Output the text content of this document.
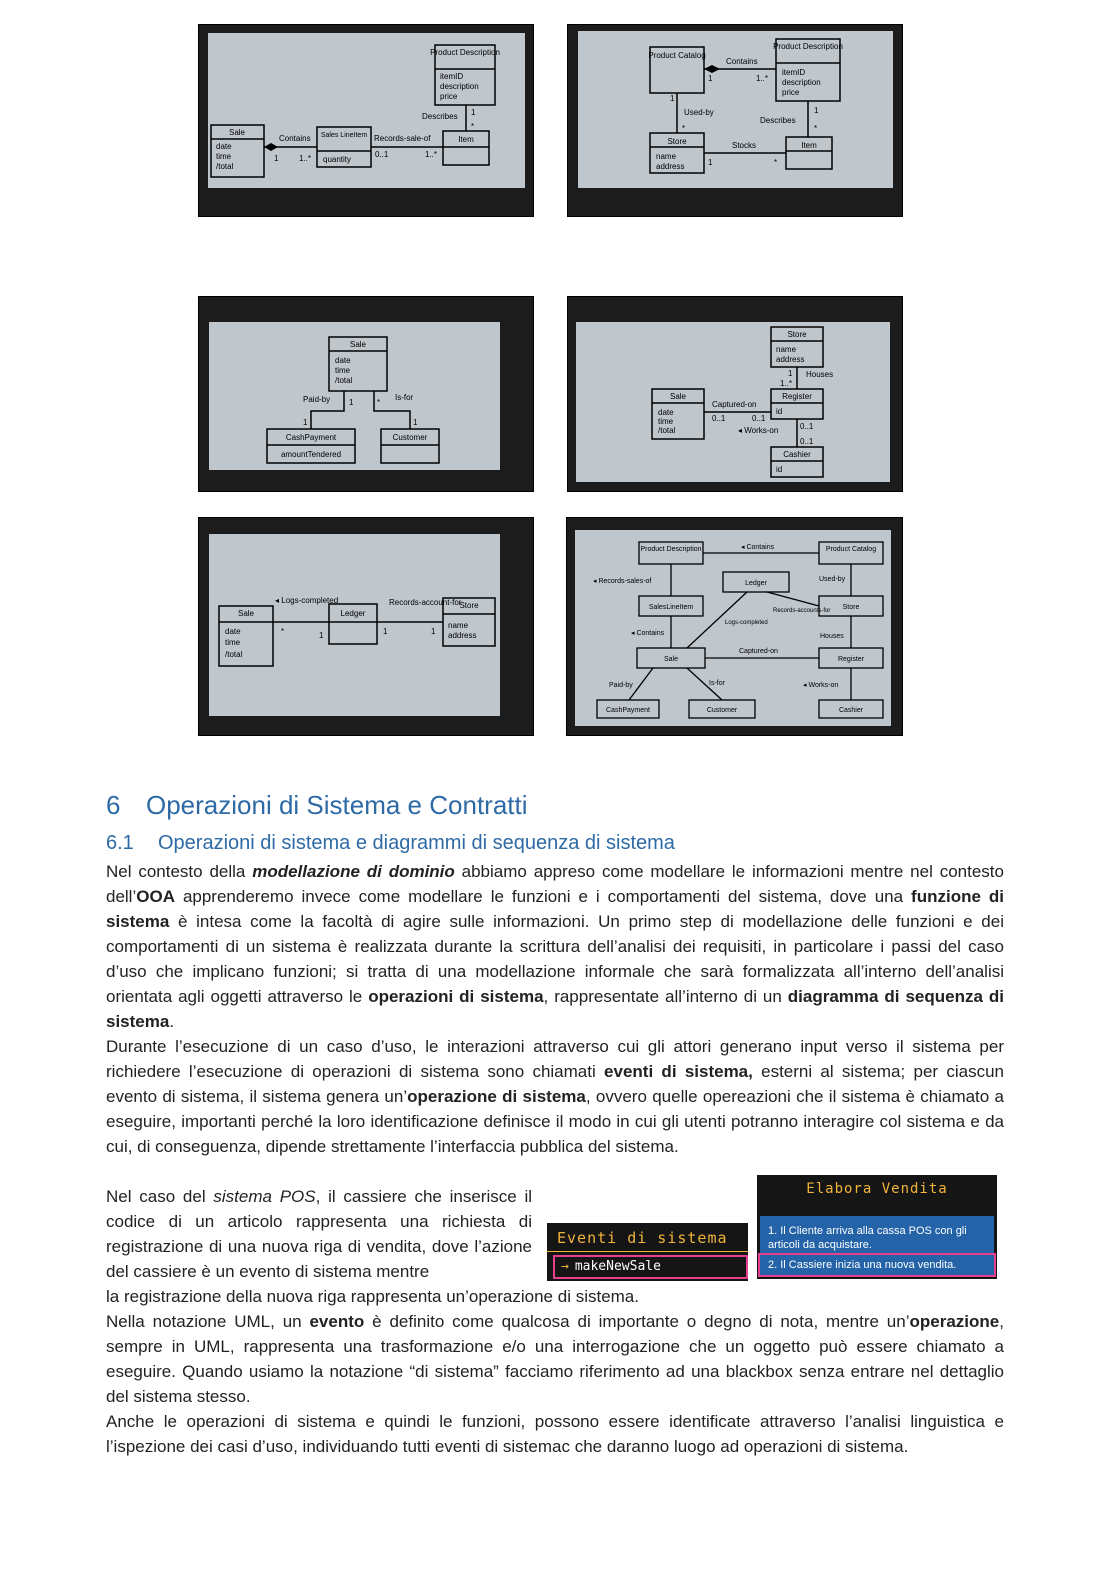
Product Description
itemID
description
price
Sale
date
time
/total
Sales LineItem
quantity
Item
Contains	Records-sale-of
Describes
1	1..*	0..1	1..*
1
*
Product Catalog
Product Description
itemID
description
price
Store
name
address
Item
Contains
Used-by
Describes
Stocks
1	1..*
1
*
1
*
1	*
Sale
date
time
/total
CashPayment
amountTendered
Customer
Paid-by	Is-for
1
1
*
1
Store
name
address
Sale
date
time
/total
Register
id
Cashier
id
Houses
Captured-on
◂ Works-on
1
1..*
0..1	0..1
0..1
0..1
Sale
date
time
/total
Ledger
Store
name
address
◂ Logs-completed	Records-account-for
*	1	1	1
Product Description	Product Catalog
◂ Contains
◂ Records-sales-of	Ledger
SalesLineItem
Used-by
Store
◂ Contains
Logs-completed
Records-accounts-for
Houses
Sale
Captured-on
Register
Paid-by	Is-for	◂ Works-on
CashPayment	Customer	Cashier
6 Operazioni di Sistema e Contratti
6.1 Operazioni di sistema e diagrammi di sequenza di sistema
Nel contesto della modellazione di dominio abbiamo appreso come modellare le informazioni mentre nel contesto dell’OOA apprenderemo invece come modellare le funzioni e i comportamenti del sistema, dove una funzione di sistema è intesa come la facoltà di agire sulle informazioni. Un primo step di modellazione delle funzioni e dei comportamenti di un sistema è realizzata durante la scrittura dell’analisi dei requisiti, in particolare i passi del caso d’uso che implicano funzioni; si tratta di una modellazione informale che sarà formalizzata all’interno dell’analisi orientata agli oggetti attraverso le operazioni di sistema, rappresentate all’interno di un diagramma di sequenza di sistema.
Durante l’esecuzione di un caso d’uso, le interazioni attraverso cui gli attori generano input verso il sistema per richiedere l’esecuzione di operazioni di sistema sono chiamati eventi di sistema, esterni al sistema; per ciascun evento di sistema, il sistema genera un’operazione di sistema, ovvero quelle opereazioni che il sistema è chiamato a eseguire, importanti perché la loro identificazione definisce il modo in cui gli utenti potranno interagire col sistema e da cui, di conseguenza, dipende strettamente l’interfaccia pubblica del sistema.
Nel caso del sistema POS, il cassiere che inserisce il codice di un articolo rappresenta una richiesta di registrazione di una nuova riga di vendita, dove l’azione del cassiere è un evento di sistema mentre
la registrazione della nuova riga rappresenta un’operazione di sistema.
Eventi di sistema
→ makeNewSale
Elabora Vendita
1. Il Cliente arriva alla cassa POS con gli articoli da acquistare.
2. Il Cassiere inizia una nuova vendita.
Nella notazione UML, un evento è definito come qualcosa di importante o degno di nota, mentre un’operazione, sempre in UML, rappresenta una trasformazione e/o una interrogazione che un oggetto può essere chiamato a eseguire. Quando usiamo la notazione “di sistema” facciamo riferimento ad una blackbox senza entrare nel dettaglio del sistema stesso.
Anche le operazioni di sistema e quindi le funzioni, possono essere identificate attraverso l’analisi linguistica e l’ispezione dei casi d’uso, individuando tutti eventi di sistemac che daranno luogo ad operazioni di sistema.
